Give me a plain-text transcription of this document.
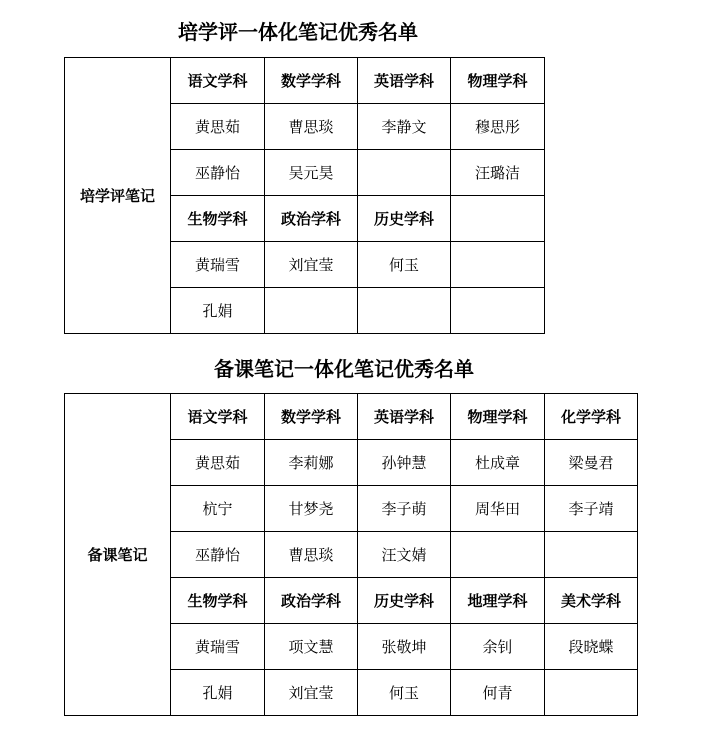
培学评一体化笔记优秀名单
培学评笔记	语文学科	数学学科	英语学科	物理学科
	黄思茹	曹思琰	李静文	穆思彤
	巫静怡	吴元昊		汪璐洁
	生物学科	政治学科	历史学科	
	黄瑞雪	刘宜莹	何玉	
	孔娟			
备课笔记一体化笔记优秀名单
备课笔记	语文学科	数学学科	英语学科	物理学科	化学学科
	黄思茹	李莉娜	孙钟慧	杜成章	梁曼君
	杭宁	甘梦尧	李子萌	周华田	李子靖
	巫静怡	曹思琰	汪文婧		
	生物学科	政治学科	历史学科	地理学科	美术学科
	黄瑞雪	项文慧	张敬坤	余钊	段晓蝶
	孔娟	刘宜莹	何玉	何青	
